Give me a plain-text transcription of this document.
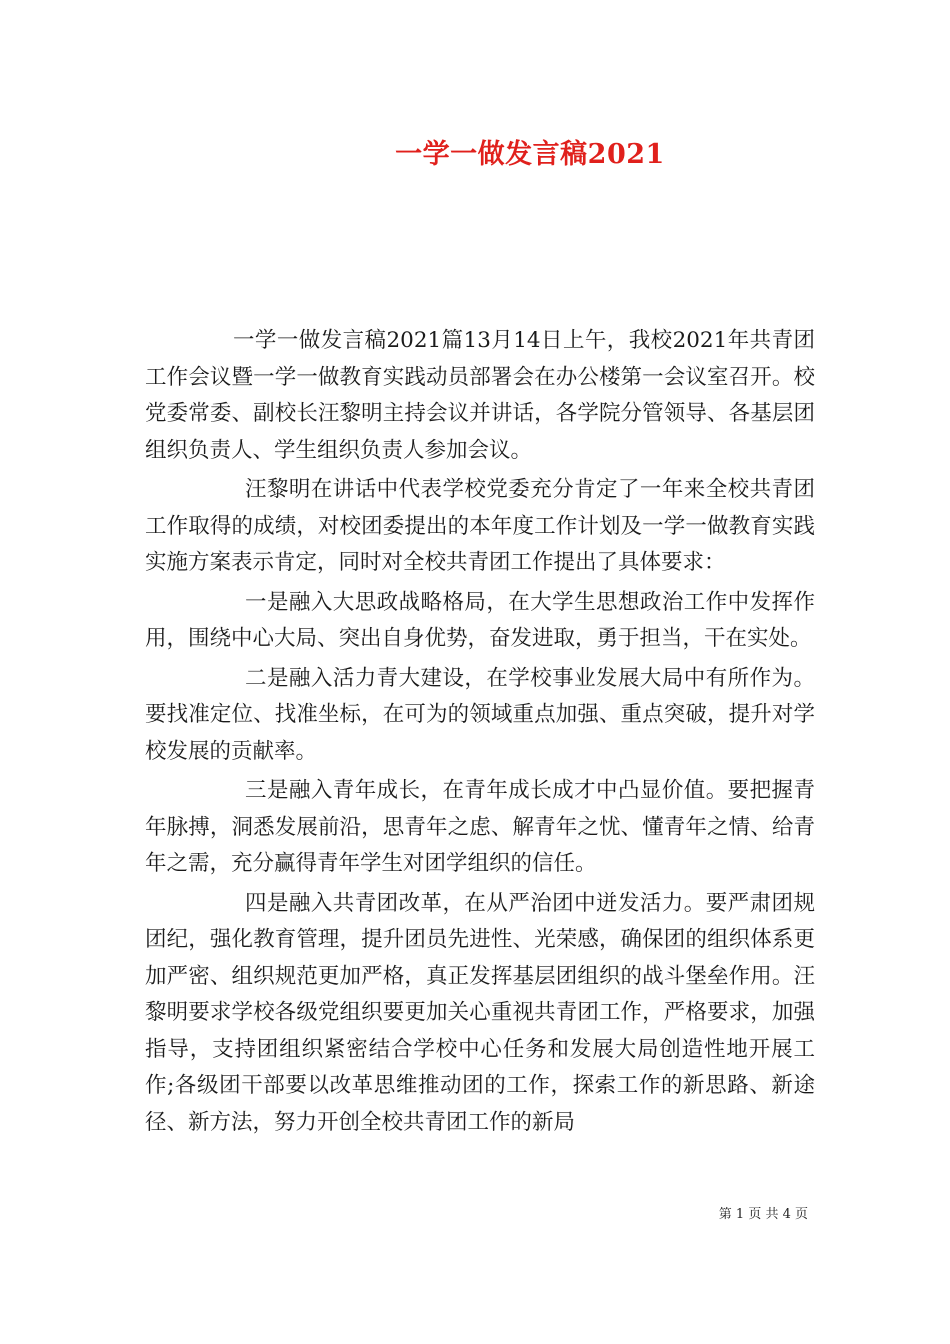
一学一做发言稿2021

一学一做发言稿2021篇13月14日上午，我校2021年共青团工作会议暨一学一做教育实践动员部署会在办公楼第一会议室召开。校党委常委、副校长汪黎明主持会议并讲话，各学院分管领导、各基层团组织负责人、学生组织负责人参加会议。

汪黎明在讲话中代表学校党委充分肯定了一年来全校共青团工作取得的成绩，对校团委提出的本年度工作计划及一学一做教育实践实施方案表示肯定，同时对全校共青团工作提出了具体要求：

一是融入大思政战略格局，在大学生思想政治工作中发挥作用，围绕中心大局、突出自身优势，奋发进取，勇于担当，干在实处。

二是融入活力青大建设，在学校事业发展大局中有所作为。要找准定位、找准坐标，在可为的领域重点加强、重点突破，提升对学校发展的贡献率。

三是融入青年成长，在青年成长成才中凸显价值。要把握青年脉搏，洞悉发展前沿，思青年之虑、解青年之忧、懂青年之情、给青年之需，充分赢得青年学生对团学组织的信任。

四是融入共青团改革，在从严治团中迸发活力。要严肃团规团纪，强化教育管理，提升团员先进性、光荣感，确保团的组织体系更加严密、组织规范更加严格，真正发挥基层团组织的战斗堡垒作用。汪黎明要求学校各级党组织要更加关心重视共青团工作，严格要求，加强指导，支持团组织紧密结合学校中心任务和发展大局创造性地开展工作;各级团干部要以改革思维推动团的工作，探索工作的新思路、新途径、新方法，努力开创全校共青团工作的新局

第 1 页 共 4 页
